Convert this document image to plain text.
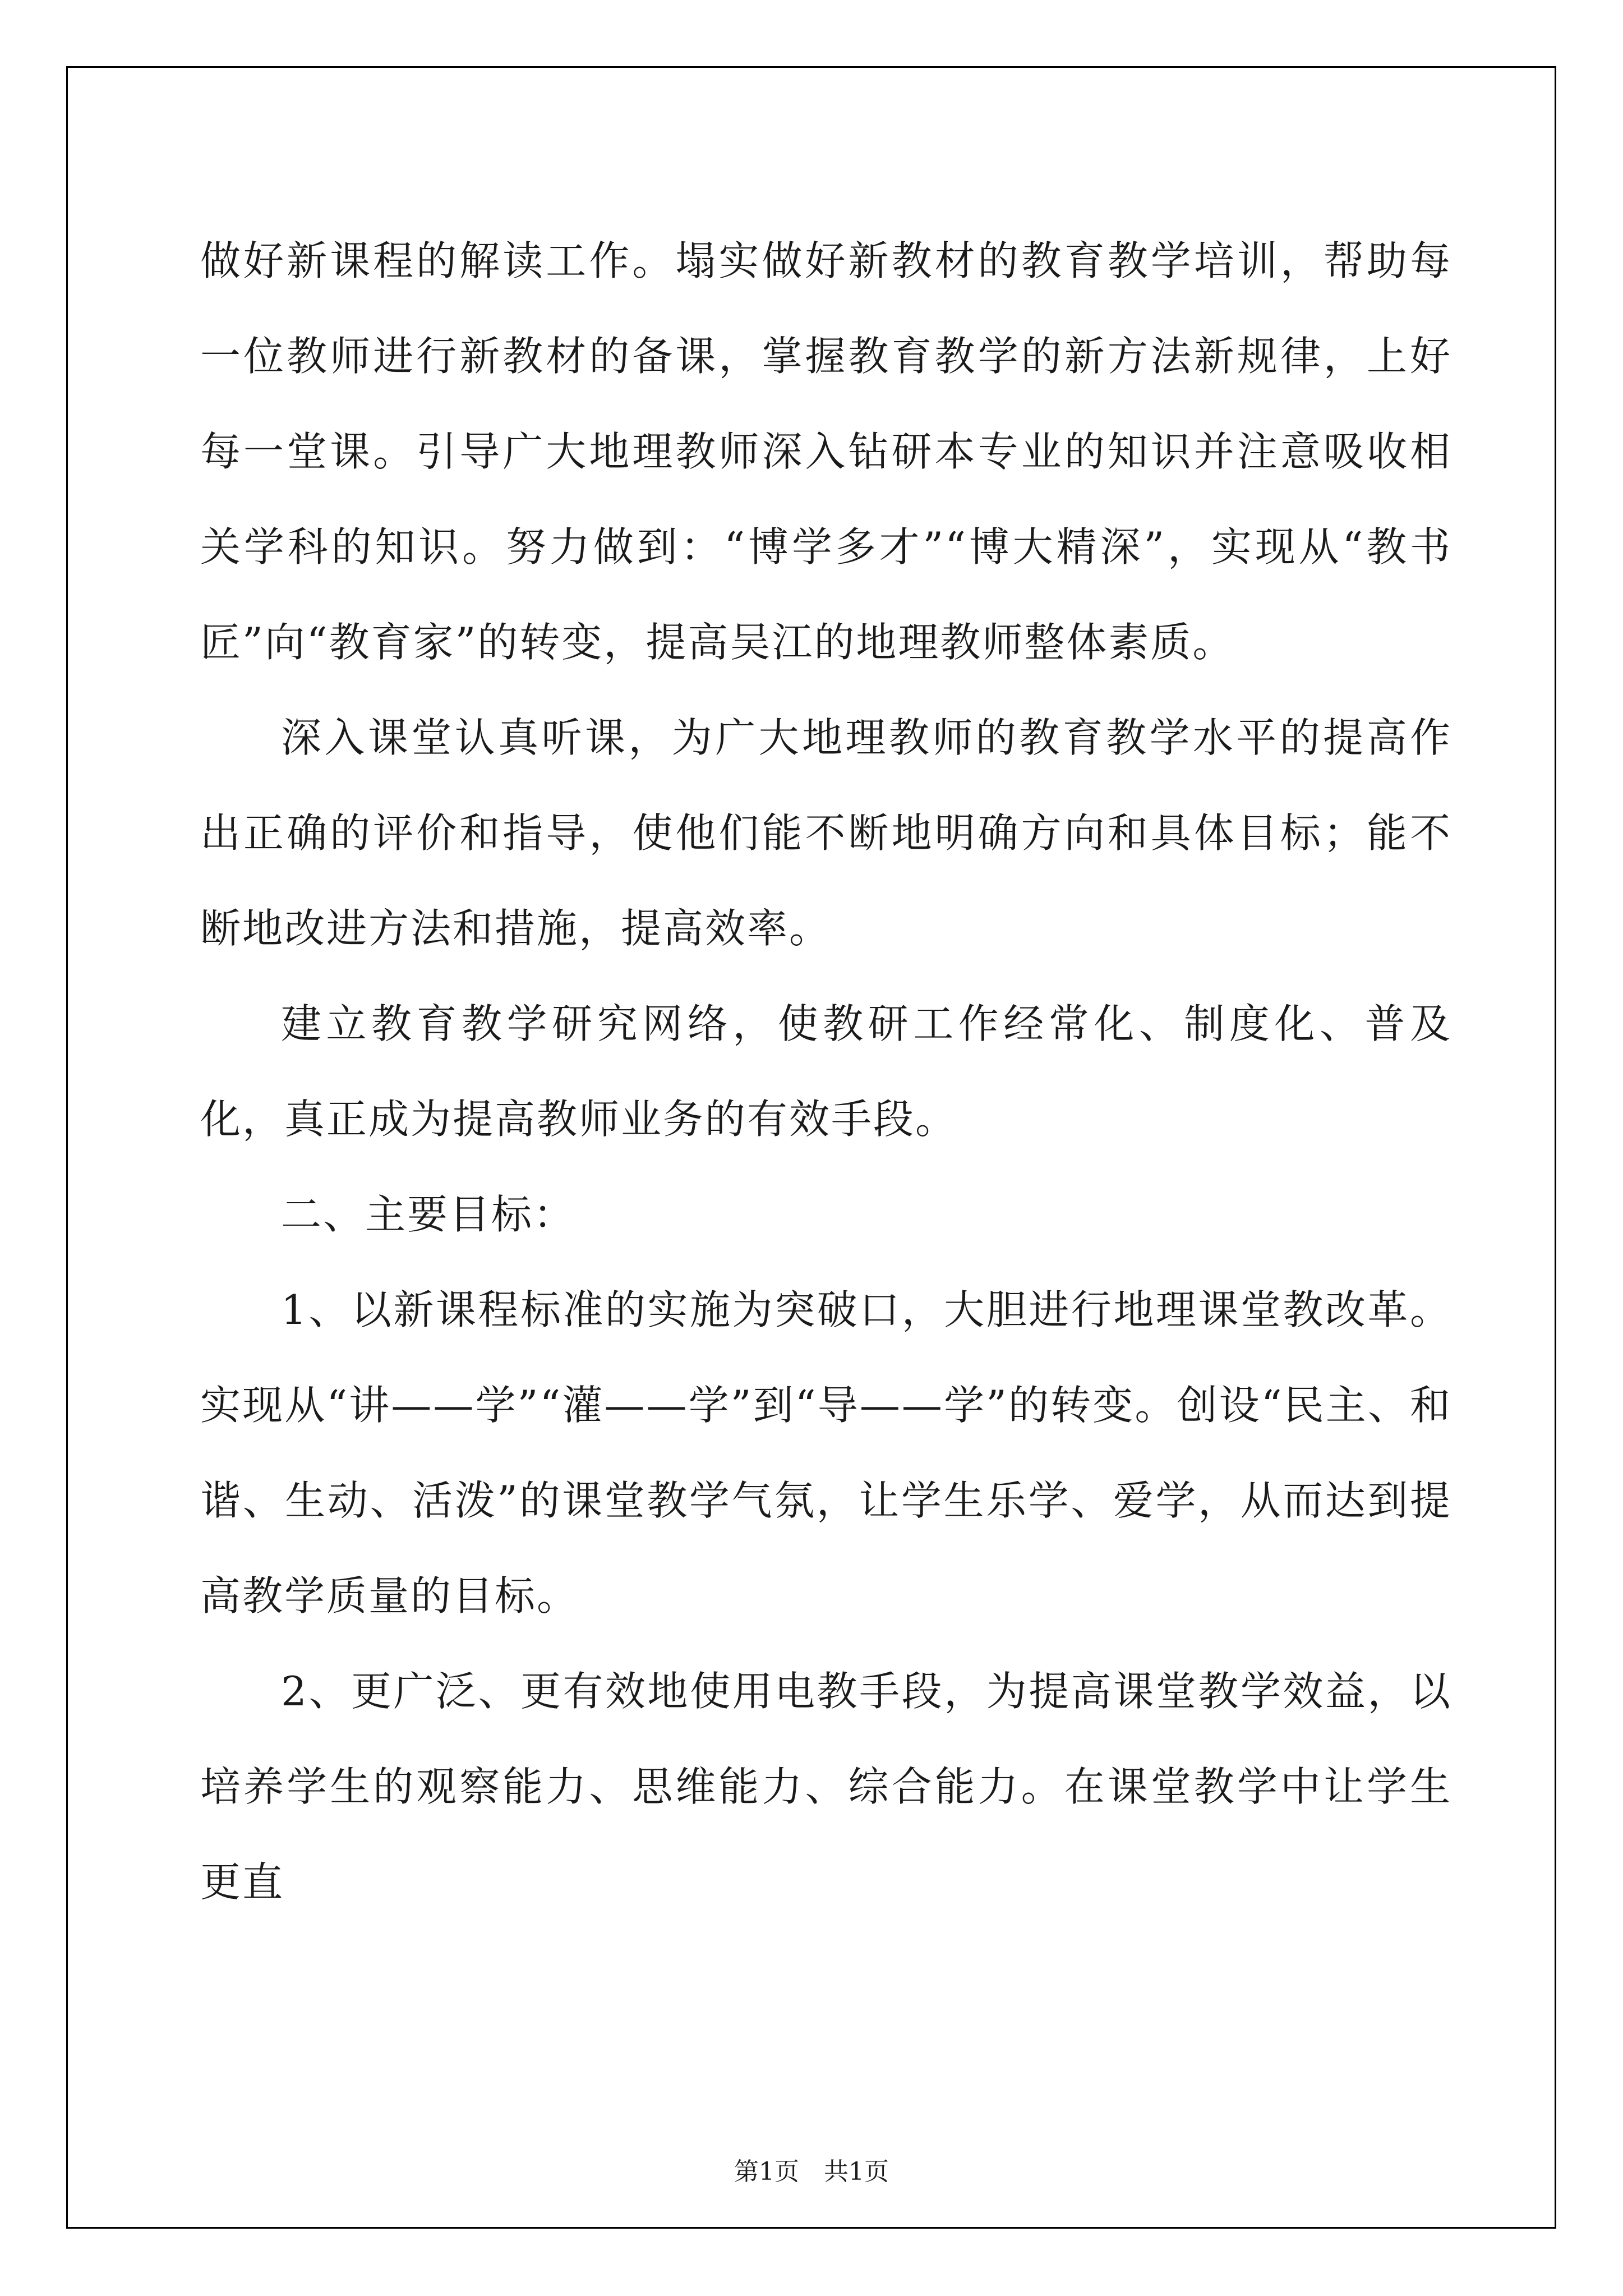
做好新课程的解读工作。塌实做好新教材的教育教学培训，帮助每一位教师进行新教材的备课，掌握教育教学的新方法新规律，上好每一堂课。引导广大地理教师深入钻研本专业的知识并注意吸收相关学科的知识。努力做到：“博学多才”“博大精深”，实现从“教书匠”向“教育家”的转变，提高吴江的地理教师整体素质。

深入课堂认真听课，为广大地理教师的教育教学水平的提高作出正确的评价和指导，使他们能不断地明确方向和具体目标；能不断地改进方法和措施，提高效率。

建立教育教学研究网络，使教研工作经常化、制度化、普及化，真正成为提高教师业务的有效手段。

二、主要目标：

1、以新课程标准的实施为突破口，大胆进行地理课堂教改革。实现从“讲——学”“灌——学”到“导——学”的转变。创设“民主、和谐、生动、活泼”的课堂教学气氛，让学生乐学、爱学，从而达到提高教学质量的目标。

2、更广泛、更有效地使用电教手段，为提高课堂教学效益，以培养学生的观察能力、思维能力、综合能力。在课堂教学中让学生更直

第1页　共1页
